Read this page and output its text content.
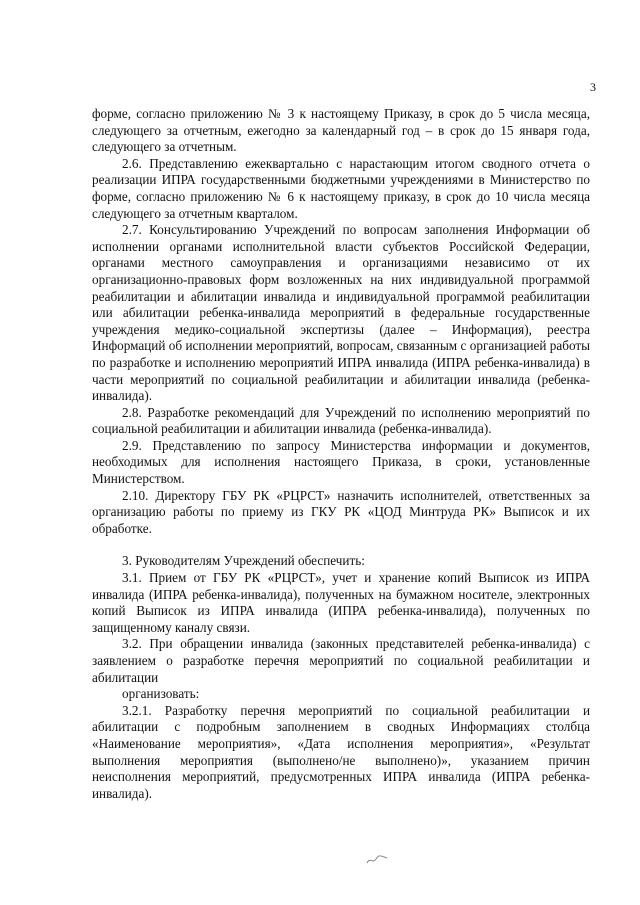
3

форме, согласно приложению № 3 к настоящему Приказу, в срок до 5 числа месяца, следующего за отчетным, ежегодно за календарный год – в срок до 15 января года, следующего за отчетным.

2.6. Представлению ежеквартально с нарастающим итогом сводного отчета о реализации ИПРА государственными бюджетными учреждениями в Министерство по форме, согласно приложению № 6 к настоящему приказу, в срок до 10 числа месяца следующего за отчетным кварталом.

2.7. Консультированию Учреждений по вопросам заполнения Информации об исполнении органами исполнительной власти субъектов Российской Федерации, органами местного самоуправления и организациями независимо от их организационно-правовых форм возложенных на них индивидуальной программой реабилитации и абилитации инвалида и индивидуальной программой реабилитации или абилитации ребенка-инвалида мероприятий в федеральные государственные учреждения медико-социальной экспертизы (далее – Информация), реестра Информаций об исполнении мероприятий, вопросам, связанным с организацией работы по разработке и исполнению мероприятий ИПРА инвалида (ИПРА ребенка-инвалида) в части мероприятий по социальной реабилитации и абилитации инвалида (ребенка-инвалида).

2.8. Разработке рекомендаций для Учреждений по исполнению мероприятий по социальной реабилитации и абилитации инвалида (ребенка-инвалида).

2.9. Представлению по запросу Министерства информации и документов, необходимых для исполнения настоящего Приказа, в сроки, установленные Министерством.

2.10. Директору ГБУ РК «РЦРСТ» назначить исполнителей, ответственных за организацию работы по приему из ГКУ РК «ЦОД Минтруда РК» Выписок и их обработке.

3. Руководителям Учреждений обеспечить:

3.1. Прием от ГБУ РК «РЦРСТ», учет и хранение копий Выписок из ИПРА инвалида (ИПРА ребенка-инвалида), полученных на бумажном носителе, электронных копий Выписок из ИПРА инвалида (ИПРА ребенка-инвалида), полученных по защищенному каналу связи.

3.2. При обращении инвалида (законных представителей ребенка-инвалида) с заявлением о разработке перечня мероприятий по социальной реабилитации и абилитации

организовать:

3.2.1. Разработку перечня мероприятий по социальной реабилитации и абилитации с подробным заполнением в сводных Информациях столбца «Наименование мероприятия», «Дата исполнения мероприятия», «Результат выполнения мероприятия (выполнено/не выполнено)», указанием причин неисполнения мероприятий, предусмотренных ИПРА инвалида (ИПРА ребенка-инвалида).
